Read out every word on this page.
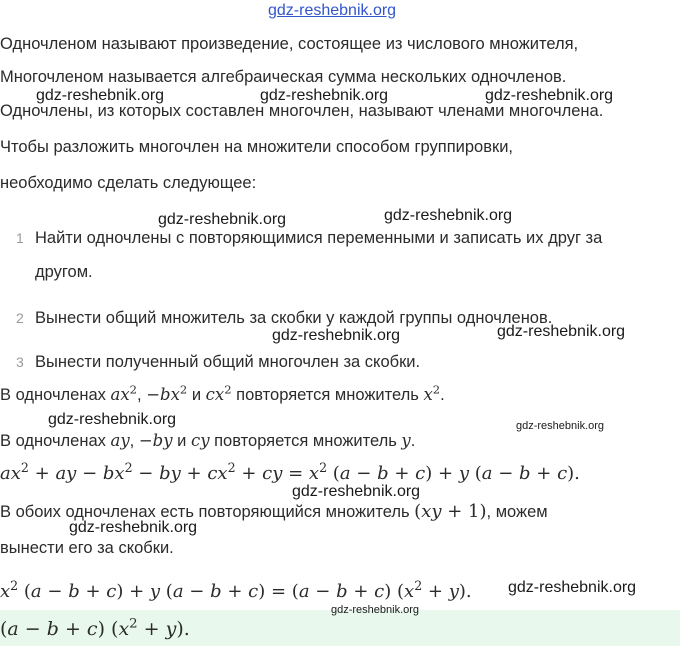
gdz-reshebnik.org
Одночленом называют произведение, состоящее из числового множителя,
Многочленом называется алгебраическая сумма нескольких одночленов.
Одночлены, из которых составлен многочлен, называют членами многочлена.
Чтобы разложить многочлен на множители способом группировки,
необходимо сделать следующее:
1 Найти одночлены с повторяющимися переменными и записать их друг за
другом.
2 Вынести общий множитель за скобки у каждой группы одночленов.
3 Вынести полученный общий многочлен за скобки.
В одночленах $ax^2$, $-bx^2$ и $cx^2$ повторяется множитель $x^2$.
В одночленах ay, −by и cy повторяется множитель y.
$ax^2$ + ay − $bx^2$ − by + $cx^2$ + cy = $x^2$ (a − b + c) + y (a − b + c).
В обоих одночленах есть повторяющийся множитель (xy + 1), можем
вынести его за скобки.
$x^2$ (a − b + c) + y (a − b + c) = (a − b + c) $(x^2 + y)$.
(a − b + c) $(x^2 + y)$.
gdz-reshebnik.org	gdz-reshebnik.org	gdz-reshebnik.org
gdz-reshebnik.org	gdz-reshebnik.org
gdz-reshebnik.org	gdz-reshebnik.org
gdz-reshebnik.org	gdz-reshebnik.org
gdz-reshebnik.org
gdz-reshebnik.org
gdz-reshebnik.org
gdz-reshebnik.org
